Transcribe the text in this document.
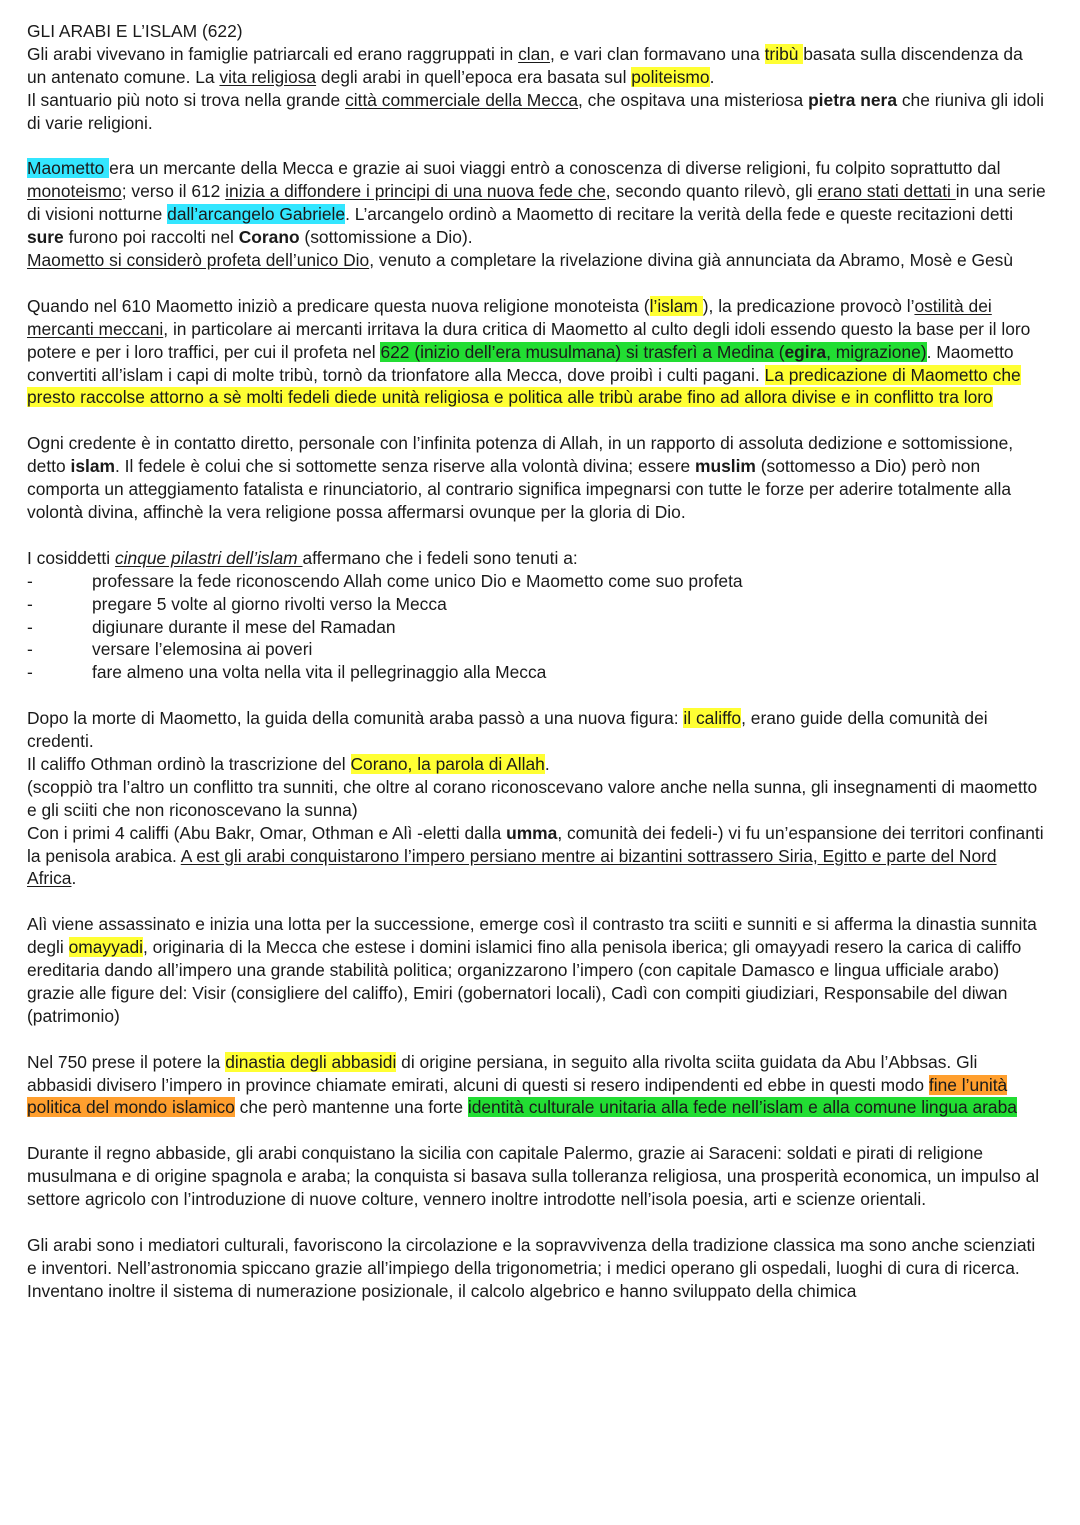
GLI ARABI E L’ISLAM (622)

Gli arabi vivevano in famiglie patriarcali ed erano raggruppati in clan, e vari clan formavano una tribù basata sulla discendenza da un antenato comune. La vita religiosa degli arabi in quell’epoca era basata sul politeismo.
Il santuario più noto si trova nella grande città commerciale della Mecca, che ospitava una misteriosa pietra nera che riuniva gli idoli di varie religioni.

Maometto era un mercante della Mecca e grazie ai suoi viaggi entrò a conoscenza di diverse religioni, fu colpito soprattutto dal monoteismo; verso il 612 inizia a diffondere i principi di una nuova fede che, secondo quanto rilevò, gli erano stati dettati in una serie di visioni notturne dall’arcangelo Gabriele. L’arcangelo ordinò a Maometto di recitare la verità della fede e queste recitazioni detti sure furono poi raccolti nel Corano (sottomissione a Dio).
Maometto si considerò profeta dell’unico Dio, venuto a completare la rivelazione divina già annunciata da Abramo, Mosè e Gesù

Quando nel 610 Maometto iniziò a predicare questa nuova religione monoteista (l’islam ), la predicazione provocò l’ostilità dei mercanti meccani, in particolare ai mercanti irritava la dura critica di Maometto al culto degli idoli essendo questo la base per il loro potere e per i loro traffici, per cui il profeta nel 622 (inizio dell’era musulmana) si trasferì a Medina (egira, migrazione). Maometto convertiti all’islam i capi di molte tribù, tornò da trionfatore alla Mecca, dove proibì i culti pagani. La predicazione di Maometto che presto raccolse attorno a sè molti fedeli diede unità religiosa e politica alle tribù arabe fino ad allora divise e in conflitto tra loro

Ogni credente è in contatto diretto, personale con l’infinita potenza di Allah, in un rapporto di assoluta dedizione e sottomissione, detto islam. Il fedele è colui che si sottomette senza riserve alla volontà divina; essere muslim (sottomesso a Dio) però non comporta un atteggiamento fatalista e rinunciatorio, al contrario significa impegnarsi con tutte le forze per aderire totalmente alla volontà divina, affinchè la vera religione possa affermarsi ovunque per la gloria di Dio.

I cosiddetti cinque pilastri dell’islam affermano che i fedeli sono tenuti a:

-	professare la fede riconoscendo Allah come unico Dio e Maometto come suo profeta
-	pregare 5 volte al giorno rivolti verso la Mecca
-	digiunare durante il mese del Ramadan
-	versare l’elemosina ai poveri
-	fare almeno una volta nella vita il pellegrinaggio alla Mecca

Dopo la morte di Maometto, la guida della comunità araba passò a una nuova figura: il califfo, erano guide della comunità dei credenti.
Il califfo Othman ordinò la trascrizione del Corano, la parola di Allah.
(scoppiò tra l’altro un conflitto tra sunniti, che oltre al corano riconoscevano valore anche nella sunna, gli insegnamenti di maometto e gli sciiti che non riconoscevano la sunna)
Con i primi 4 califfi (Abu Bakr, Omar, Othman e Alì -eletti dalla umma, comunità dei fedeli-) vi fu un’espansione dei territori confinanti la penisola arabica. A est gli arabi conquistarono l’impero persiano mentre ai bizantini sottrassero Siria, Egitto e parte del Nord Africa.

Alì viene assassinato e inizia una lotta per la successione, emerge così il contrasto tra sciiti e sunniti e si afferma la dinastia sunnita degli omayyadi, originaria di la Mecca che estese i domini islamici fino alla penisola iberica; gli omayyadi resero la carica di califfo ereditaria dando all’impero una grande stabilità politica; organizzarono l’impero (con capitale Damasco e lingua ufficiale arabo) grazie alle figure del: Visir (consigliere del califfo), Emiri (gobernatori locali), Cadì con compiti giudiziari, Responsabile del diwan (patrimonio)

Nel 750 prese il potere la dinastia degli abbasidi di origine persiana, in seguito alla rivolta sciita guidata da Abu l’Abbsas. Gli abbasidi divisero l’impero in province chiamate emirati, alcuni di questi si resero indipendenti ed ebbe in questi modo fine l’unità politica del mondo islamico che però mantenne una forte identità culturale unitaria alla fede nell’islam e alla comune lingua araba

Durante il regno abbaside, gli arabi conquistano la sicilia con capitale Palermo, grazie ai Saraceni: soldati e pirati di religione musulmana e di origine spagnola e araba; la conquista si basava sulla tolleranza religiosa, una prosperità economica, un impulso al settore agricolo con l’introduzione di nuove colture, vennero inoltre introdotte nell’isola poesia, arti e scienze orientali.

Gli arabi sono i mediatori culturali, favoriscono la circolazione e la sopravvivenza della tradizione classica ma sono anche scienziati e inventori. Nell’astronomia spiccano grazie all’impiego della trigonometria; i medici operano gli ospedali, luoghi di cura di ricerca.
Inventano inoltre il sistema di numerazione posizionale, il calcolo algebrico e hanno sviluppato della chimica
